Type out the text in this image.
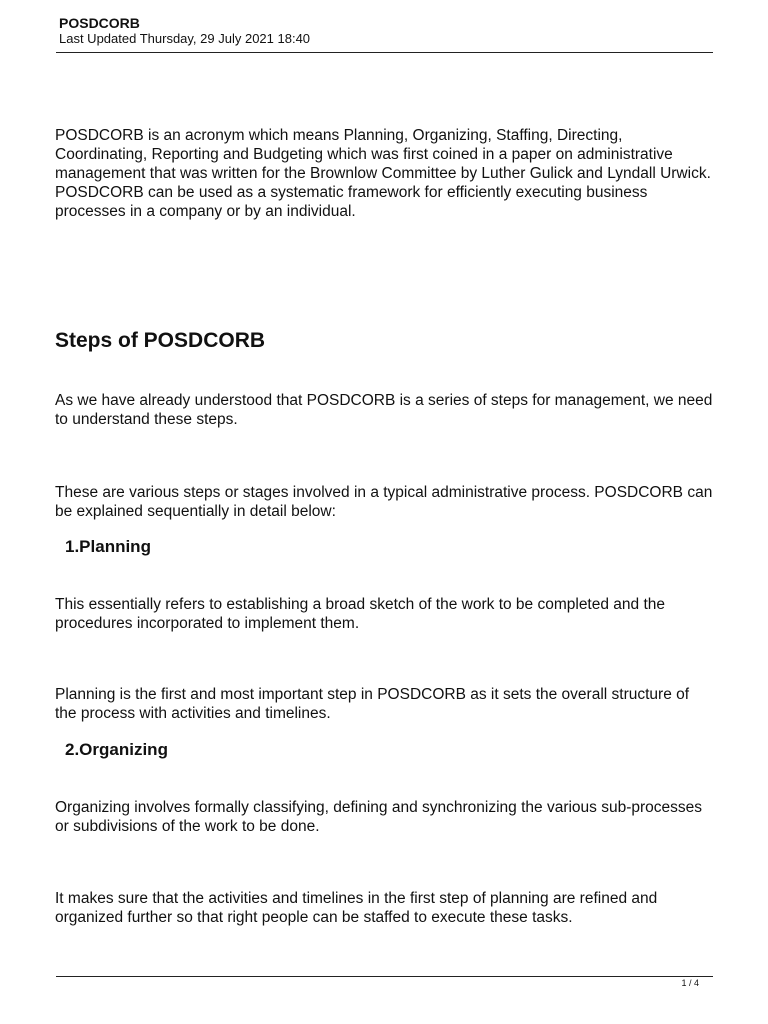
POSDCORB
Last Updated Thursday, 29 July 2021 18:40

POSDCORB is an acronym which means Planning, Organizing, Staffing, Directing,
Coordinating, Reporting and Budgeting which was first coined in a paper on administrative
management that was written for the Brownlow Committee by Luther Gulick and Lyndall Urwick.
POSDCORB can be used as a systematic framework for efficiently executing business
processes in a company or by an individual.

Steps of POSDCORB

As we have already understood that POSDCORB is a series of steps for management, we need
to understand these steps.

These are various steps or stages involved in a typical administrative process. POSDCORB can
be explained sequentially in detail below:

1.Planning

This essentially refers to establishing a broad sketch of the work to be completed and the
procedures incorporated to implement them.

Planning is the first and most important step in POSDCORB as it sets the overall structure of
the process with activities and timelines.

2.Organizing

Organizing involves formally classifying, defining and synchronizing the various sub-processes
or subdivisions of the work to be done.

It makes sure that the activities and timelines in the first step of planning are refined and
organized further so that right people can be staffed to execute these tasks.

1 / 4
